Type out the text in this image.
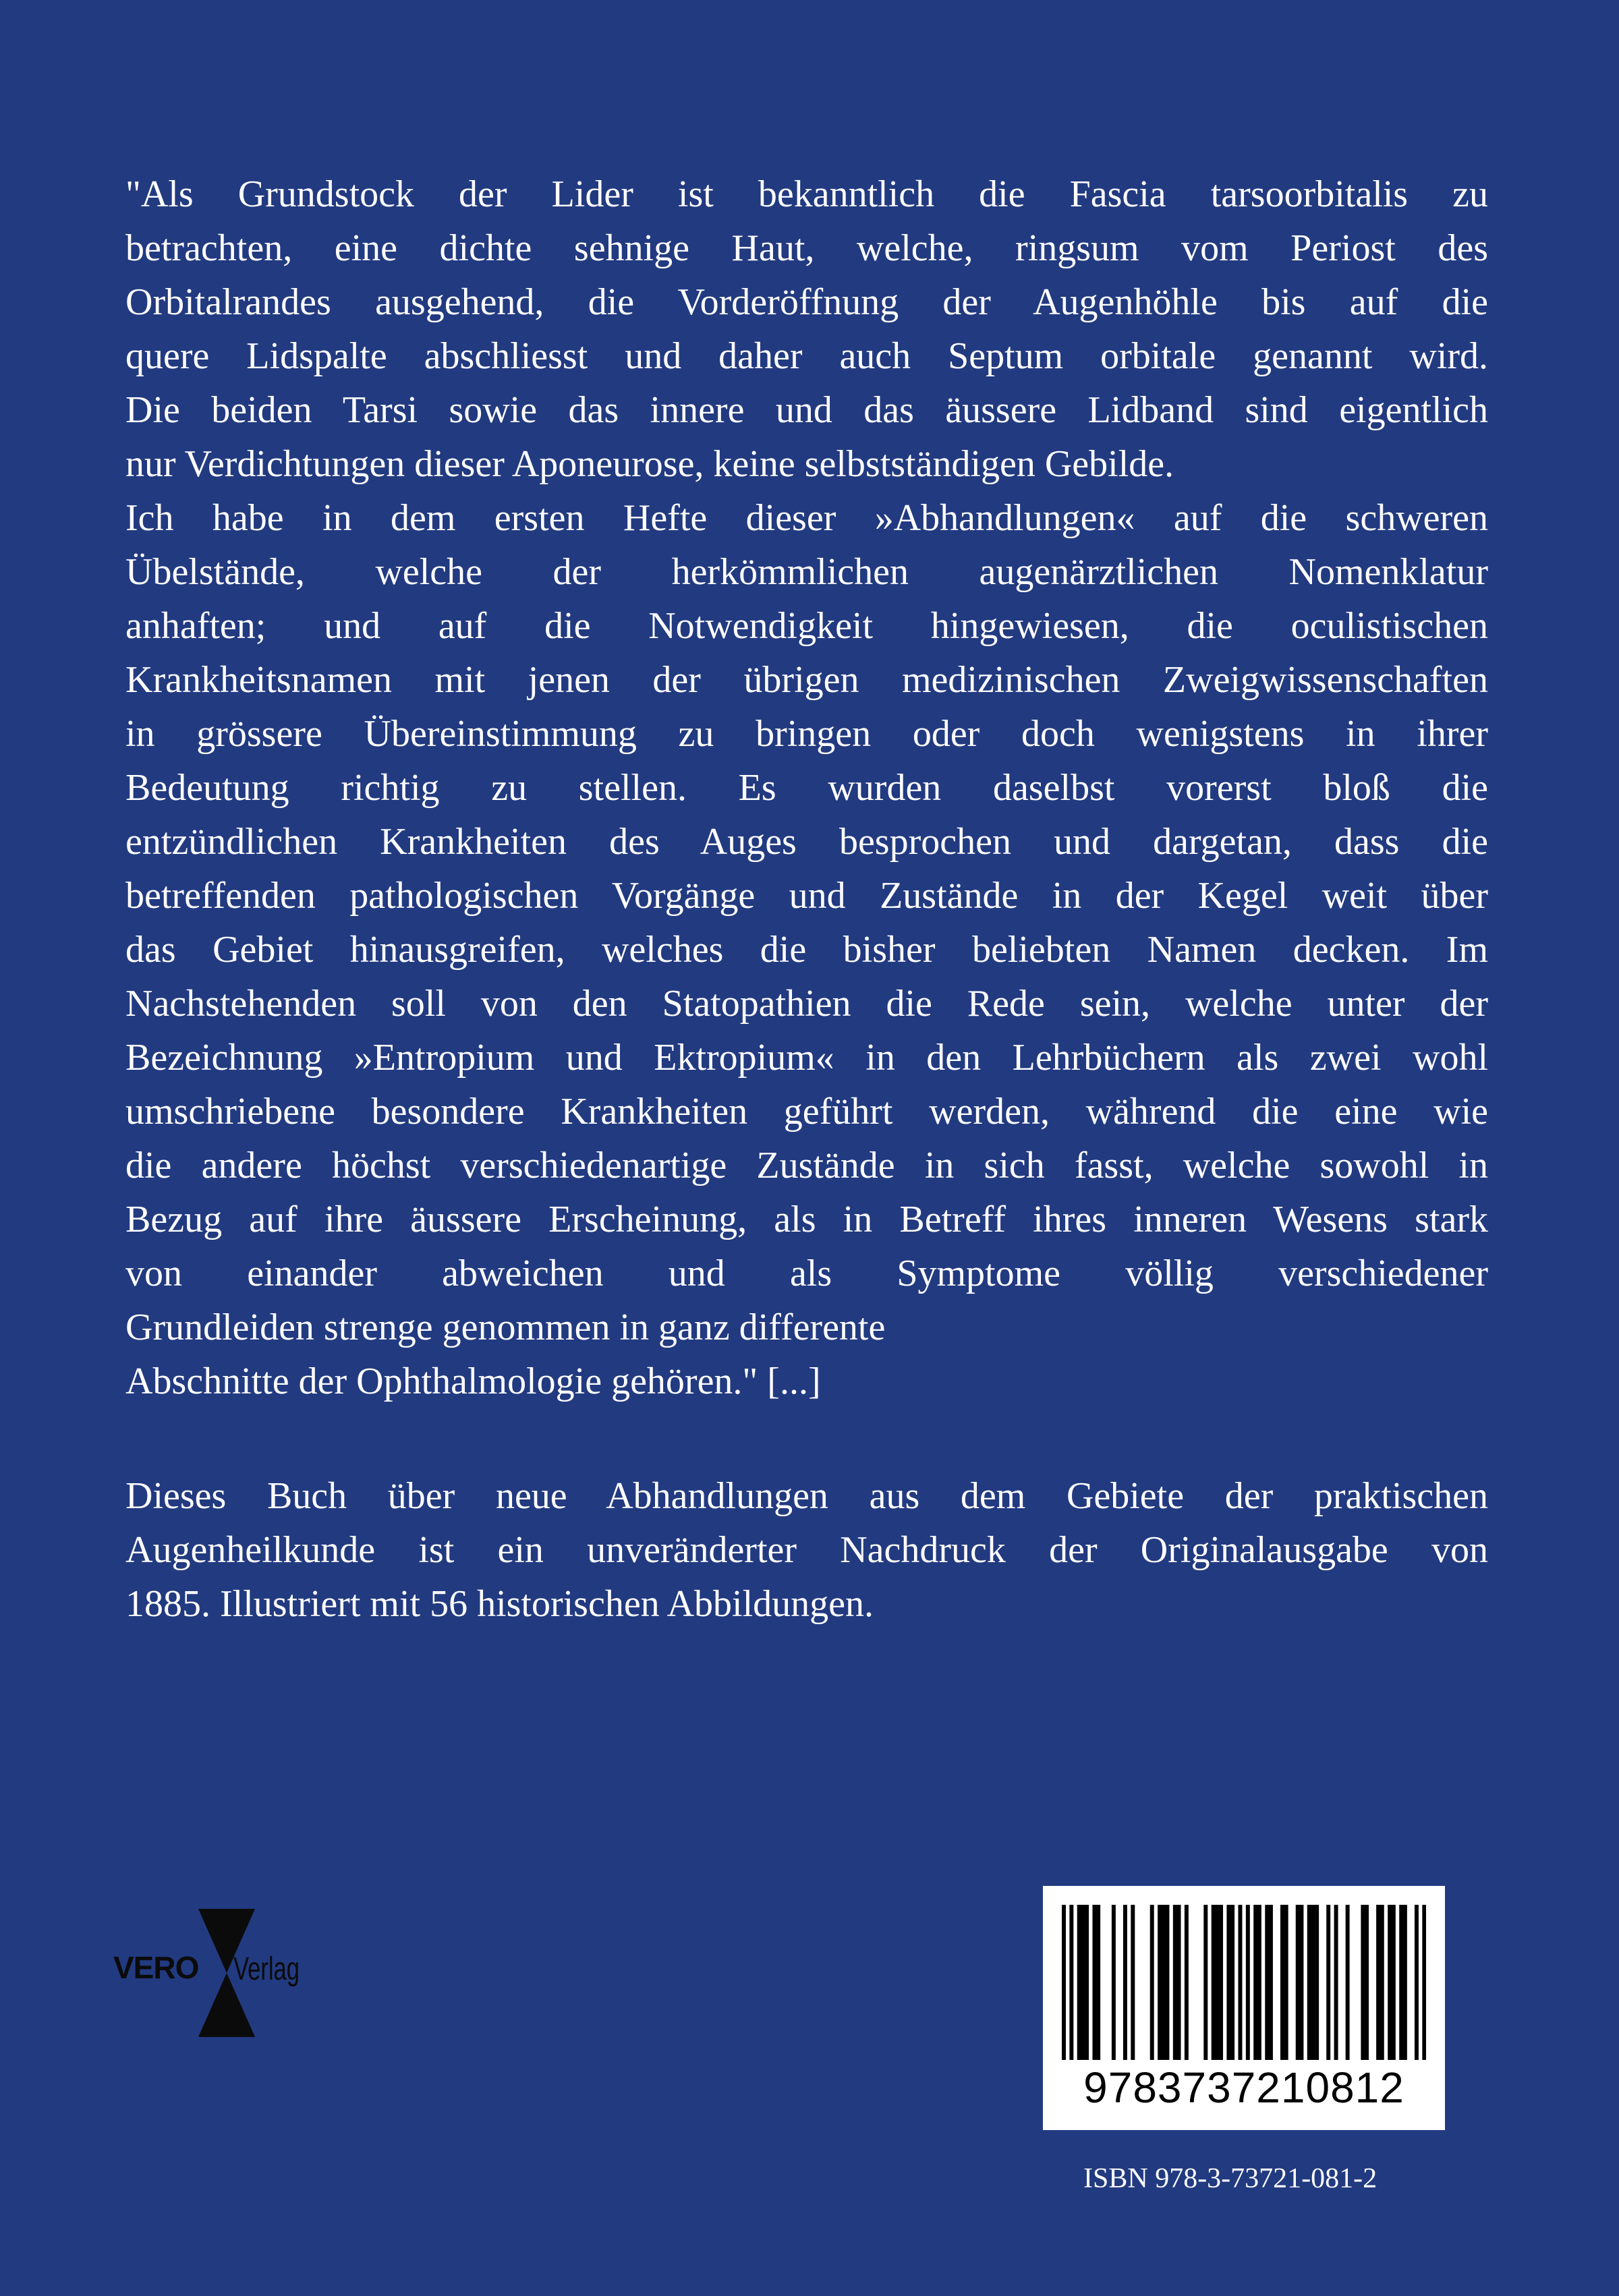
"Als Grundstock der Lider ist bekanntlich die Fascia tarsoorbitalis zu
betrachten, eine dichte sehnige Haut, welche, ringsum vom Periost des
Orbitalrandes ausgehend, die Vorderöffnung der Augenhöhle bis auf die
quere Lidspalte abschliesst und daher auch Septum orbitale genannt wird.
Die beiden Tarsi sowie das innere und das äussere Lidband sind eigentlich
nur Verdichtungen dieser Aponeurose, keine selbstständigen Gebilde.

Ich habe in dem ersten Hefte dieser »Abhandlungen« auf die schweren
Übelstände, welche der herkömmlichen augenärztlichen Nomenklatur
anhaften; und auf die Notwendigkeit hingewiesen, die oculistischen
Krankheitsnamen mit jenen der übrigen medizinischen Zweigwissenschaften
in grössere Übereinstimmung zu bringen oder doch wenigstens in ihrer
Bedeutung richtig zu stellen. Es wurden daselbst vorerst bloß die
entzündlichen Krankheiten des Auges besprochen und dargetan, dass die
betreffenden pathologischen Vorgänge und Zustände in der Kegel weit über
das Gebiet hinausgreifen, welches die bisher beliebten Namen decken. Im
Nachstehenden soll von den Statopathien die Rede sein, welche unter der
Bezeichnung »Entropium und Ektropium« in den Lehrbüchern als zwei wohl
umschriebene besondere Krankheiten geführt werden, während die eine wie
die andere höchst verschiedenartige Zustände in sich fasst, welche sowohl in
Bezug auf ihre äussere Erscheinung, als in Betreff ihres inneren Wesens stark
von einander abweichen und als Symptome völlig verschiedener
Grundleiden strenge genommen in ganz differente
Abschnitte der Ophthalmologie gehören." [...]

Dieses Buch über neue Abhandlungen aus dem Gebiete der praktischen
Augenheilkunde ist ein unveränderter Nachdruck der Originalausgabe von
1885. Illustriert mit 56 historischen Abbildungen.
VERO Verlag
9783737210812
ISBN 978-3-73721-081-2
